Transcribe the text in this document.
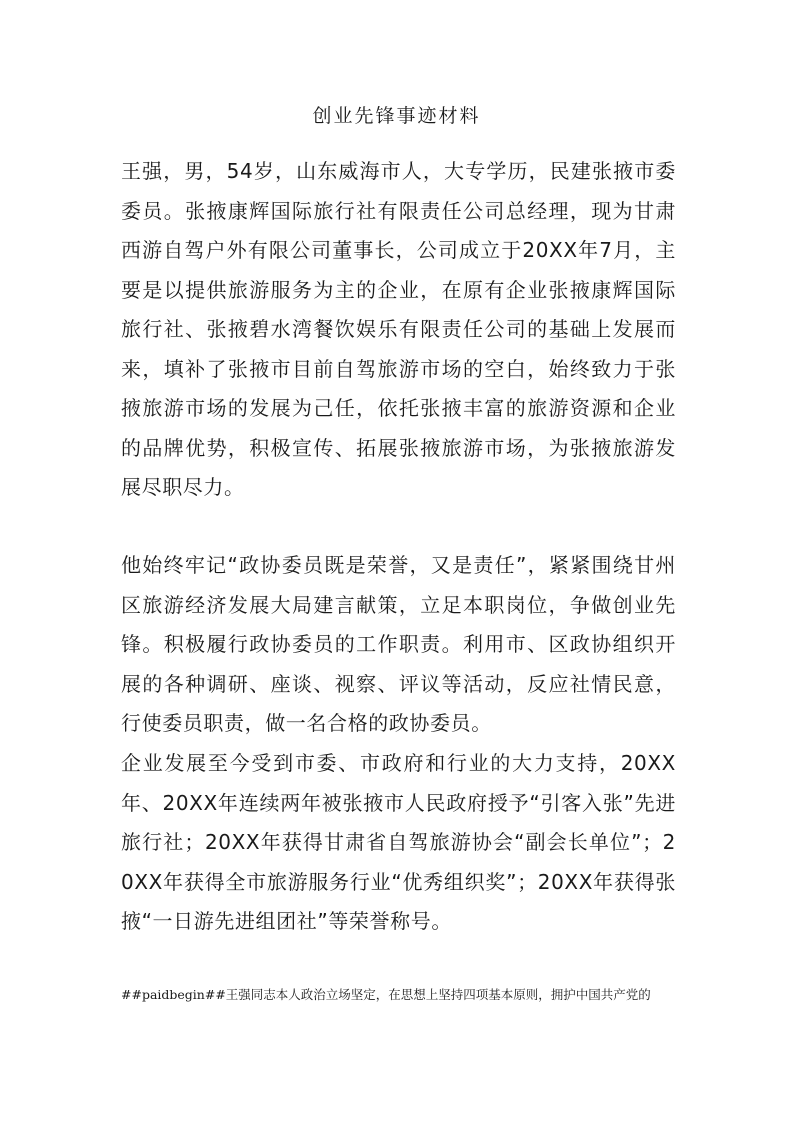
创业先锋事迹材料

王强，男，54岁，山东威海市人，大专学历，民建张掖市委委员。张掖康辉国际旅行社有限责任公司总经理，现为甘肃西游自驾户外有限公司董事长，公司成立于20XX年7月，主要是以提供旅游服务为主的企业，在原有企业张掖康辉国际旅行社、张掖碧水湾餐饮娱乐有限责任公司的基础上发展而来，填补了张掖市目前自驾旅游市场的空白，始终致力于张掖旅游市场的发展为己任，依托张掖丰富的旅游资源和企业的品牌优势，积极宣传、拓展张掖旅游市场，为张掖旅游发展尽职尽力。

他始终牢记“政协委员既是荣誉，又是责任”，紧紧围绕甘州区旅游经济发展大局建言献策，立足本职岗位，争做创业先锋。积极履行政协委员的工作职责。利用市、区政协组织开展的各种调研、座谈、视察、评议等活动，反应社情民意，行使委员职责，做一名合格的政协委员。

企业发展至今受到市委、市政府和行业的大力支持，20XX年、20XX年连续两年被张掖市人民政府授予“引客入张”先进旅行社；20XX年获得甘肃省自驾旅游协会“副会长单位”；20XX年获得全市旅游服务行业“优秀组织奖”；20XX年获得张掖“一日游先进组团社”等荣誉称号。

##paidbegin##王强同志本人政治立场坚定，在思想上坚持四项基本原则，拥护中国共产党的
